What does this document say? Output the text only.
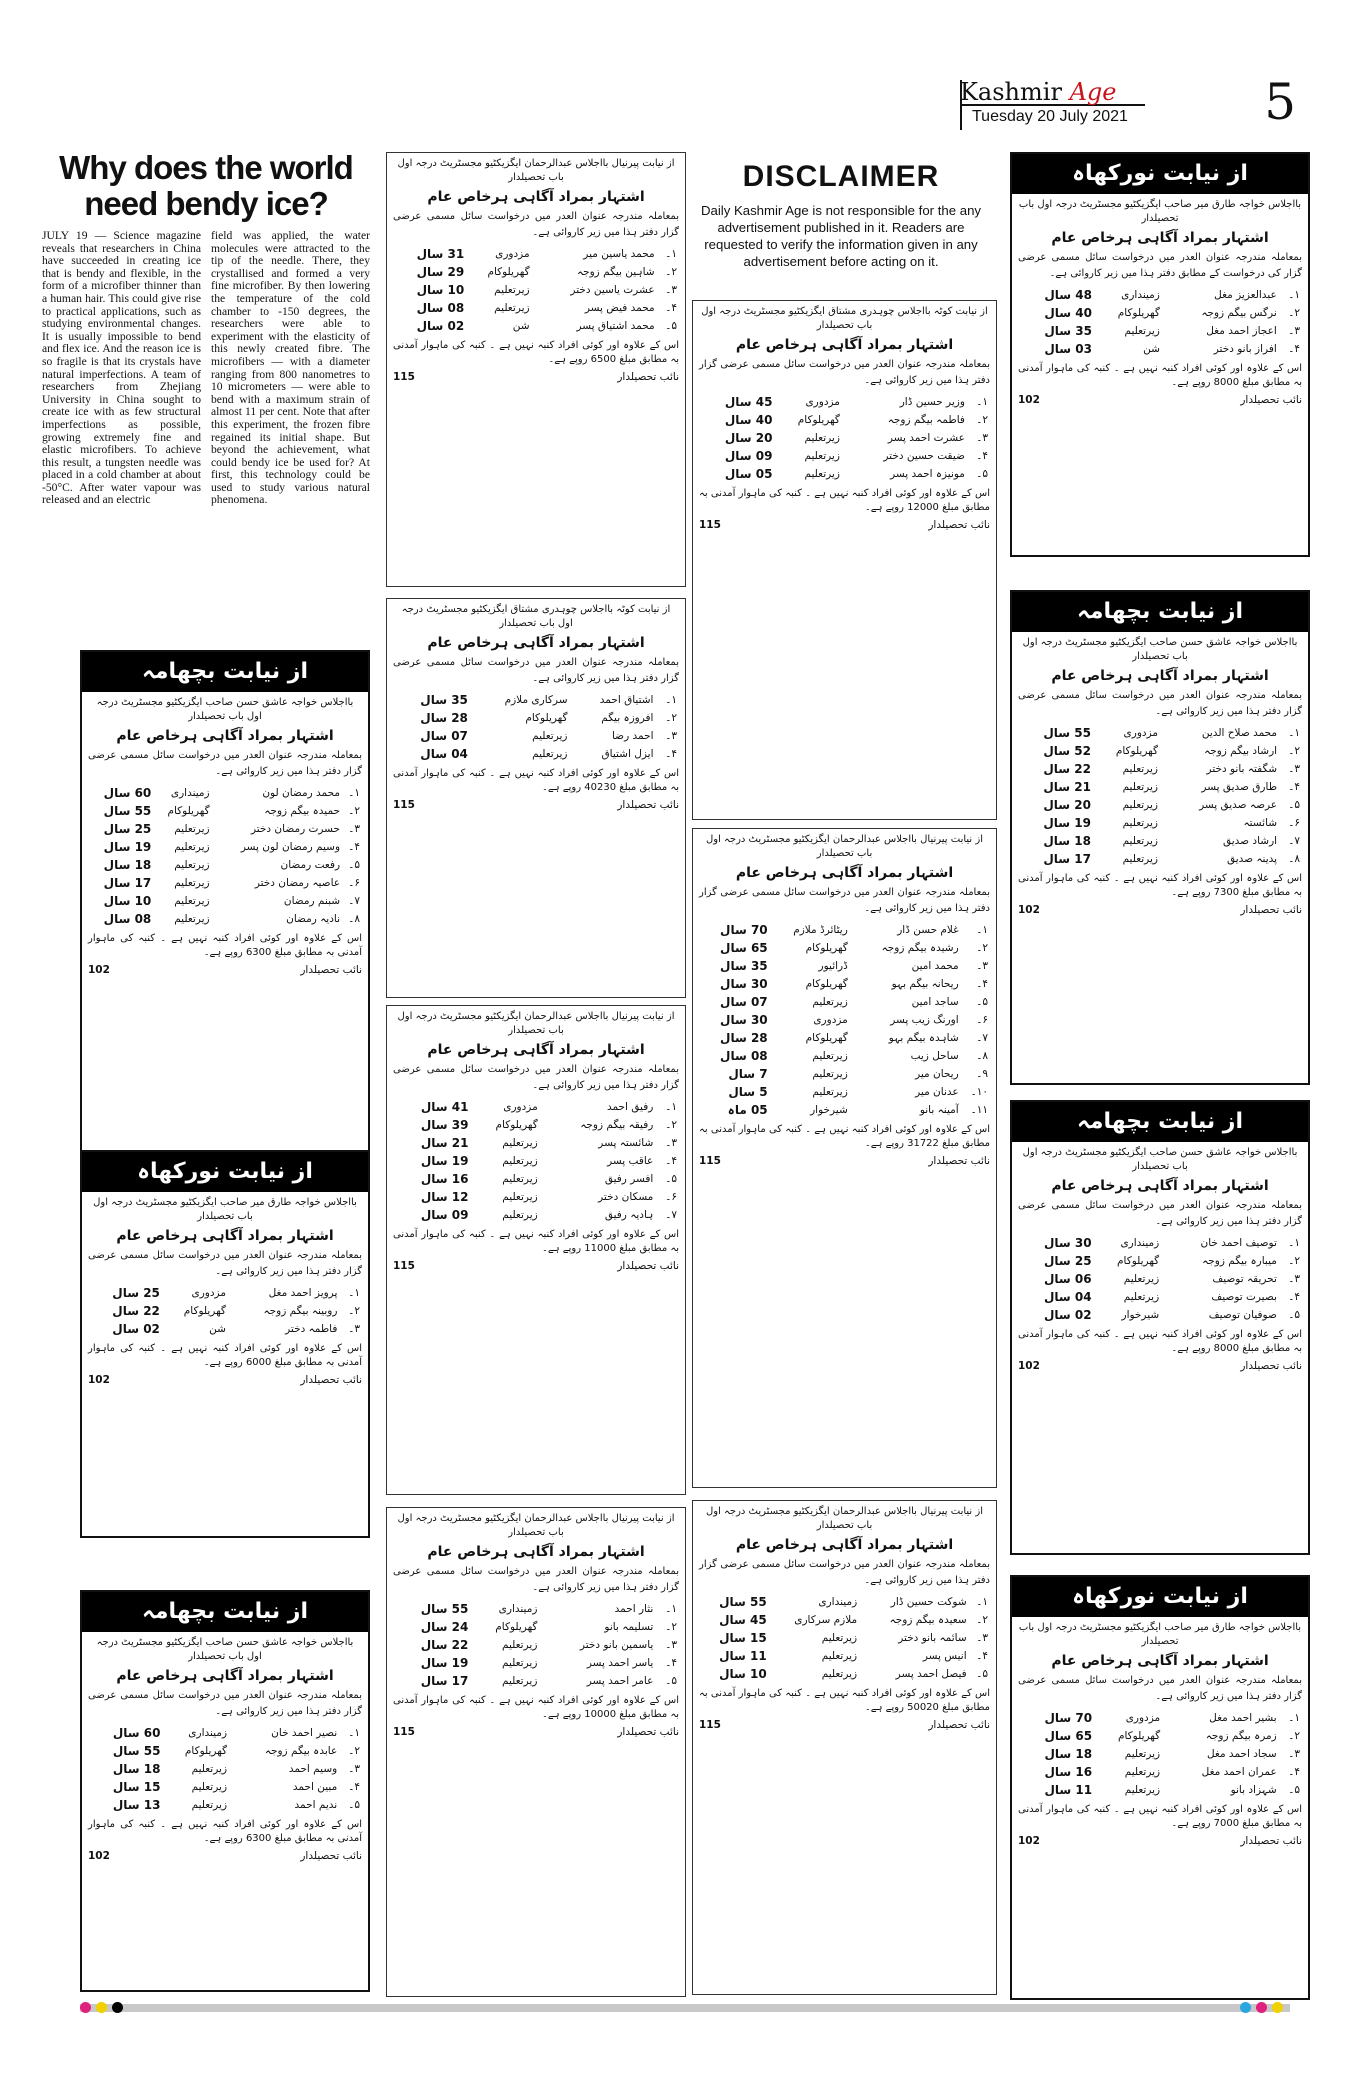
Kashmir Age
Tuesday 20 July 2021	5
Why does the world need bendy ice?

JULY 19 — Science magazine reveals that researchers in China have succeeded in creating ice that is bendy and flexible, in the form of a microfiber thinner than a human hair. This could give rise to practical applications, such as studying environmental changes. It is usually impossible to bend and flex ice. And the reason ice is so fragile is that its crystals have natural imperfections. A team of researchers from Zhejiang University in China sought to create ice with as few structural imperfections as possible, growing extremely fine and elastic microfibers. To achieve this result, a tungsten needle was placed in a cold chamber at about -50°C. After water vapour was released and an electric

field was applied, the water molecules were attracted to the tip of the needle. There, they crystallised and formed a very fine microfiber. By then lowering the temperature of the cold chamber to -150 degrees, the researchers were able to experiment with the elasticity of this newly created fibre. The microfibers — with a diameter ranging from 800 nanometres to 10 micrometers — were able to bend with a maximum strain of almost 11 per cent. Note that after this experiment, the frozen fibre regained its initial shape. But beyond the achievement, what could bendy ice be used for? At first, this technology could be used to study various natural phenomena.

DISCLAIMER

Daily Kashmir Age is not responsible for the any advertisement published in it. Readers are requested to verify the information given in any advertisement before acting on it.

از نیابت نورکھاہ
بااجلاس خواجہ طارق میر صاحب ایگزیکٹیو مجسٹریٹ درجہ اول باب تحصیلدار
اشتہار بمراد آگاہی ہرخاص عام
بمعاملہ مندرجہ عنوان العدر میں درخواست سائل مسمی عرضی گزار کی درخواست کے مطابق دفتر ہذا میں زیر کاروائی ہے۔
۱۔	عبدالعزیز مغل	زمینداری	48 سال
۲۔	نرگس بیگم زوجہ	گھریلوکام	40 سال
۳۔	اعجاز احمد مغل	زیرتعلیم	35 سال
۴۔	افراز بانو دختر	شن	03 سال
اس کے علاوہ اور کوئی افراد کنبہ نہیں ہے ۔ کنبہ کی ماہوار آمدنی بہ مطابق مبلغ 8000 روپے ہے۔
نائب تحصیلدار
102
از نیابت بچھامہ
بااجلاس خواجہ عاشق حسن صاحب ایگزیکٹیو مجسٹریٹ درجہ اول باب تحصیلدار
اشتہار بمراد آگاہی ہرخاص عام
بمعاملہ مندرجہ عنوان العدر میں درخواست سائل مسمی عرضی گزار دفتر ہذا میں زیر کاروائی ہے۔
۱۔	محمد صلاح الدین	مزدوری	55 سال
۲۔	ارشاد بیگم زوجہ	گھریلوکام	52 سال
۳۔	شگفتہ بانو دختر	زیرتعلیم	22 سال
۴۔	طارق صدیق پسر	زیرتعلیم	21 سال
۵۔	عرصہ صدیق پسر	زیرتعلیم	20 سال
۶۔	شائستہ	زیرتعلیم	19 سال
۷۔	ارشاد صدیق	زیرتعلیم	18 سال
۸۔	پدینہ صدیق	زیرتعلیم	17 سال
اس کے علاوہ اور کوئی افراد کنبہ نہیں ہے ۔ کنبہ کی ماہوار آمدنی بہ مطابق مبلغ 7300 روپے ہے۔
نائب تحصیلدار
102
از نیابت بچھامہ
بااجلاس خواجہ عاشق حسن صاحب ایگزیکٹیو مجسٹریٹ درجہ اول باب تحصیلدار
اشتہار بمراد آگاہی ہرخاص عام
بمعاملہ مندرجہ عنوان العدر میں درخواست سائل مسمی عرضی گزار دفتر ہذا میں زیر کاروائی ہے۔
۱۔	توصیف احمد خان	زمینداری	30 سال
۲۔	میبارہ بیگم زوجہ	گھریلوکام	25 سال
۳۔	تحریقہ توصیف	زیرتعلیم	06 سال
۴۔	بصیرت توصیف	زیرتعلیم	04 سال
۵۔	صوفیان توصیف	شیرخوار	02 سال
اس کے علاوہ اور کوئی افراد کنبہ نہیں ہے ۔ کنبہ کی ماہوار آمدنی بہ مطابق مبلغ 8000 روپے ہے۔
نائب تحصیلدار
102
از نیابت نورکھاہ
بااجلاس خواجہ طارق میر صاحب ایگزیکٹیو مجسٹریٹ درجہ اول باب تحصیلدار
اشتہار بمراد آگاہی ہرخاص عام
بمعاملہ مندرجہ عنوان العدر میں درخواست سائل مسمی عرضی گزار دفتر ہذا میں زیر کاروائی ہے۔
۱۔	بشیر احمد مغل	مزدوری	70 سال
۲۔	زمرہ بیگم زوجہ	گھریلوکام	65 سال
۳۔	سجاد احمد مغل	زیرتعلیم	18 سال
۴۔	عمران احمد مغل	زیرتعلیم	16 سال
۵۔	شہزاد بانو	زیرتعلیم	11 سال
اس کے علاوہ اور کوئی افراد کنبہ نہیں ہے ۔ کنبہ کی ماہوار آمدنی بہ مطابق مبلغ 7000 روپے ہے۔
نائب تحصیلدار
102
از نیابت بچھامہ
بااجلاس خواجہ عاشق حسن صاحب ایگزیکٹیو مجسٹریٹ درجہ اول باب تحصیلدار
اشتہار بمراد آگاہی ہرخاص عام
بمعاملہ مندرجہ عنوان العدر میں درخواست سائل مسمی عرضی گزار دفتر ہذا میں زیر کاروائی ہے۔
۱۔	محمد رمضان لون	زمینداری	60 سال
۲۔	حمیدہ بیگم زوجہ	گھریلوکام	55 سال
۳۔	حسرت رمضان دختر	زیرتعلیم	25 سال
۴۔	وسیم رمضان لون پسر	زیرتعلیم	19 سال
۵۔	رفعت رمضان	زیرتعلیم	18 سال
۶۔	عاصیہ رمضان دختر	زیرتعلیم	17 سال
۷۔	شبنم رمضان	زیرتعلیم	10 سال
۸۔	نادیہ رمضان	زیرتعلیم	08 سال
اس کے علاوہ اور کوئی افراد کنبہ نہیں ہے ۔ کنبہ کی ماہوار آمدنی بہ مطابق مبلغ 6300 روپے ہے۔
نائب تحصیلدار
102
از نیابت نورکھاہ
بااجلاس خواجہ طارق میر صاحب ایگزیکٹیو مجسٹریٹ درجہ اول باب تحصیلدار
اشتہار بمراد آگاہی ہرخاص عام
بمعاملہ مندرجہ عنوان العدر میں درخواست سائل مسمی عرضی گزار دفتر ہذا میں زیر کاروائی ہے۔
۱۔	پرویز احمد مغل	مزدوری	25 سال
۲۔	روبینہ بیگم زوجہ	گھریلوکام	22 سال
۳۔	فاطمہ دختر	شن	02 سال
اس کے علاوہ اور کوئی افراد کنبہ نہیں ہے ۔ کنبہ کی ماہوار آمدنی بہ مطابق مبلغ 6000 روپے ہے۔
نائب تحصیلدار
102
از نیابت بچھامہ
بااجلاس خواجہ عاشق حسن صاحب ایگزیکٹیو مجسٹریٹ درجہ اول باب تحصیلدار
اشتہار بمراد آگاہی ہرخاص عام
بمعاملہ مندرجہ عنوان العدر میں درخواست سائل مسمی عرضی گزار دفتر ہذا میں زیر کاروائی ہے۔
۱۔	نصیر احمد خان	زمینداری	60 سال
۲۔	عابدہ بیگم زوجہ	گھریلوکام	55 سال
۳۔	وسیم احمد	زیرتعلیم	18 سال
۴۔	مبین احمد	زیرتعلیم	15 سال
۵۔	ندیم احمد	زیرتعلیم	13 سال
اس کے علاوہ اور کوئی افراد کنبہ نہیں ہے ۔ کنبہ کی ماہوار آمدنی بہ مطابق مبلغ 6300 روپے ہے۔
نائب تحصیلدار
102
از نیابت پیرنیال بااجلاس عبدالرحمان ایگزیکٹیو مجسٹریٹ درجہ اول باب تحصیلدار
اشتہار بمراد آگاہی ہرخاص عام
بمعاملہ مندرجہ عنوان العدر میں درخواست سائل مسمی عرضی گزار دفتر ہذا میں زیر کاروائی ہے۔
۱۔	محمد یاسین میر	مزدوری	31 سال
۲۔	شاہین بیگم زوجہ	گھریلوکام	29 سال
۳۔	عشرت یاسین دختر	زیرتعلیم	10 سال
۴۔	محمد فیض پسر	زیرتعلیم	08 سال
۵۔	محمد اشتیاق پسر	شن	02 سال
اس کے علاوہ اور کوئی افراد کنبہ نہیں ہے ۔ کنبہ کی ماہوار آمدنی بہ مطابق مبلغ 6500 روپے ہے۔
نائب تحصیلدار
115
از نیابت کوٹہ بااجلاس چوہدری مشتاق ایگزیکٹیو مجسٹریٹ درجہ اول باب تحصیلدار
اشتہار بمراد آگاہی ہرخاص عام
بمعاملہ مندرجہ عنوان العدر میں درخواست سائل مسمی عرضی گزار دفتر ہذا میں زیر کاروائی ہے۔
۱۔	اشتیاق احمد	سرکاری ملازم	35 سال
۲۔	افروزہ بیگم	گھریلوکام	28 سال
۳۔	احمد رضا	زیرتعلیم	07 سال
۴۔	ایزل اشتیاق	زیرتعلیم	04 سال
اس کے علاوہ اور کوئی افراد کنبہ نہیں ہے ۔ کنبہ کی ماہوار آمدنی بہ مطابق مبلغ 40230 روپے ہے۔
نائب تحصیلدار
115
از نیابت پیرنیال بااجلاس عبدالرحمان ایگزیکٹیو مجسٹریٹ درجہ اول باب تحصیلدار
اشتہار بمراد آگاہی ہرخاص عام
بمعاملہ مندرجہ عنوان العدر میں درخواست سائل مسمی عرضی گزار دفتر ہذا میں زیر کاروائی ہے۔
۱۔	رفیق احمد	مزدوری	41 سال
۲۔	رفیقہ بیگم زوجہ	گھریلوکام	39 سال
۳۔	شائستہ پسر	زیرتعلیم	21 سال
۴۔	عاقب پسر	زیرتعلیم	19 سال
۵۔	افسر رفیق	زیرتعلیم	16 سال
۶۔	مسکان دختر	زیرتعلیم	12 سال
۷۔	ہادیہ رفیق	زیرتعلیم	09 سال
اس کے علاوہ اور کوئی افراد کنبہ نہیں ہے ۔ کنبہ کی ماہوار آمدنی بہ مطابق مبلغ 11000 روپے ہے۔
نائب تحصیلدار
115
از نیابت پیرنیال بااجلاس عبدالرحمان ایگزیکٹیو مجسٹریٹ درجہ اول باب تحصیلدار
اشتہار بمراد آگاہی ہرخاص عام
بمعاملہ مندرجہ عنوان العدر میں درخواست سائل مسمی عرضی گزار دفتر ہذا میں زیر کاروائی ہے۔
۱۔	نثار احمد	زمینداری	55 سال
۲۔	تسلیمہ بانو	گھریلوکام	24 سال
۳۔	یاسمین بانو دختر	زیرتعلیم	22 سال
۴۔	یاسر احمد پسر	زیرتعلیم	19 سال
۵۔	عامر احمد پسر	زیرتعلیم	17 سال
اس کے علاوہ اور کوئی افراد کنبہ نہیں ہے ۔ کنبہ کی ماہوار آمدنی بہ مطابق مبلغ 10000 روپے ہے۔
نائب تحصیلدار
115
از نیابت کوٹہ بااجلاس چوہدری مشتاق ایگزیکٹیو مجسٹریٹ درجہ اول باب تحصیلدار
اشتہار بمراد آگاہی ہرخاص عام
بمعاملہ مندرجہ عنوان العدر میں درخواست سائل مسمی عرضی گزار دفتر ہذا میں زیر کاروائی ہے۔
۱۔	وزیر حسین ڈار	مزدوری	45 سال
۲۔	فاطمہ بیگم زوجہ	گھریلوکام	40 سال
۳۔	عشرت احمد پسر	زیرتعلیم	20 سال
۴۔	ضیقت حسین دختر	زیرتعلیم	09 سال
۵۔	مونیزہ احمد پسر	زیرتعلیم	05 سال
اس کے علاوہ اور کوئی افراد کنبہ نہیں ہے ۔ کنبہ کی ماہوار آمدنی بہ مطابق مبلغ 12000 روپے ہے۔
نائب تحصیلدار
115
از نیابت پیرنیال بااجلاس عبدالرحمان ایگزیکٹیو مجسٹریٹ درجہ اول باب تحصیلدار
اشتہار بمراد آگاہی ہرخاص عام
بمعاملہ مندرجہ عنوان العدر میں درخواست سائل مسمی عرضی گزار دفتر ہذا میں زیر کاروائی ہے۔
۱۔	غلام حسن ڈار	ریٹائرڈ ملازم	70 سال
۲۔	رشیدہ بیگم زوجہ	گھریلوکام	65 سال
۳۔	محمد امین	ڈرائیور	35 سال
۴۔	ریحانہ بیگم بہو	گھریلوکام	30 سال
۵۔	ساجد امین	زیرتعلیم	07 سال
۶۔	اورنگ زیب پسر	مزدوری	30 سال
۷۔	شاہدہ بیگم بہو	گھریلوکام	28 سال
۸۔	ساحل زیب	زیرتعلیم	08 سال
۹۔	ریحان میر	زیرتعلیم	7 سال
۱۰۔	عدنان میر	زیرتعلیم	5 سال
۱۱۔	آمینہ بانو	شیرخوار	05 ماہ
اس کے علاوہ اور کوئی افراد کنبہ نہیں ہے ۔ کنبہ کی ماہوار آمدنی بہ مطابق مبلغ 31722 روپے ہے۔
نائب تحصیلدار
115
از نیابت پیرنیال بااجلاس عبدالرحمان ایگزیکٹیو مجسٹریٹ درجہ اول باب تحصیلدار
اشتہار بمراد آگاہی ہرخاص عام
بمعاملہ مندرجہ عنوان العدر میں درخواست سائل مسمی عرضی گزار دفتر ہذا میں زیر کاروائی ہے۔
۱۔	شوکت حسین ڈار	زمینداری	55 سال
۲۔	سعیدہ بیگم زوجہ	ملازم سرکاری	45 سال
۳۔	سائمہ بانو دختر	زیرتعلیم	15 سال
۴۔	انیس پسر	زیرتعلیم	11 سال
۵۔	فیصل احمد پسر	زیرتعلیم	10 سال
اس کے علاوہ اور کوئی افراد کنبہ نہیں ہے ۔ کنبہ کی ماہوار آمدنی بہ مطابق مبلغ 50020 روپے ہے۔
نائب تحصیلدار
115
